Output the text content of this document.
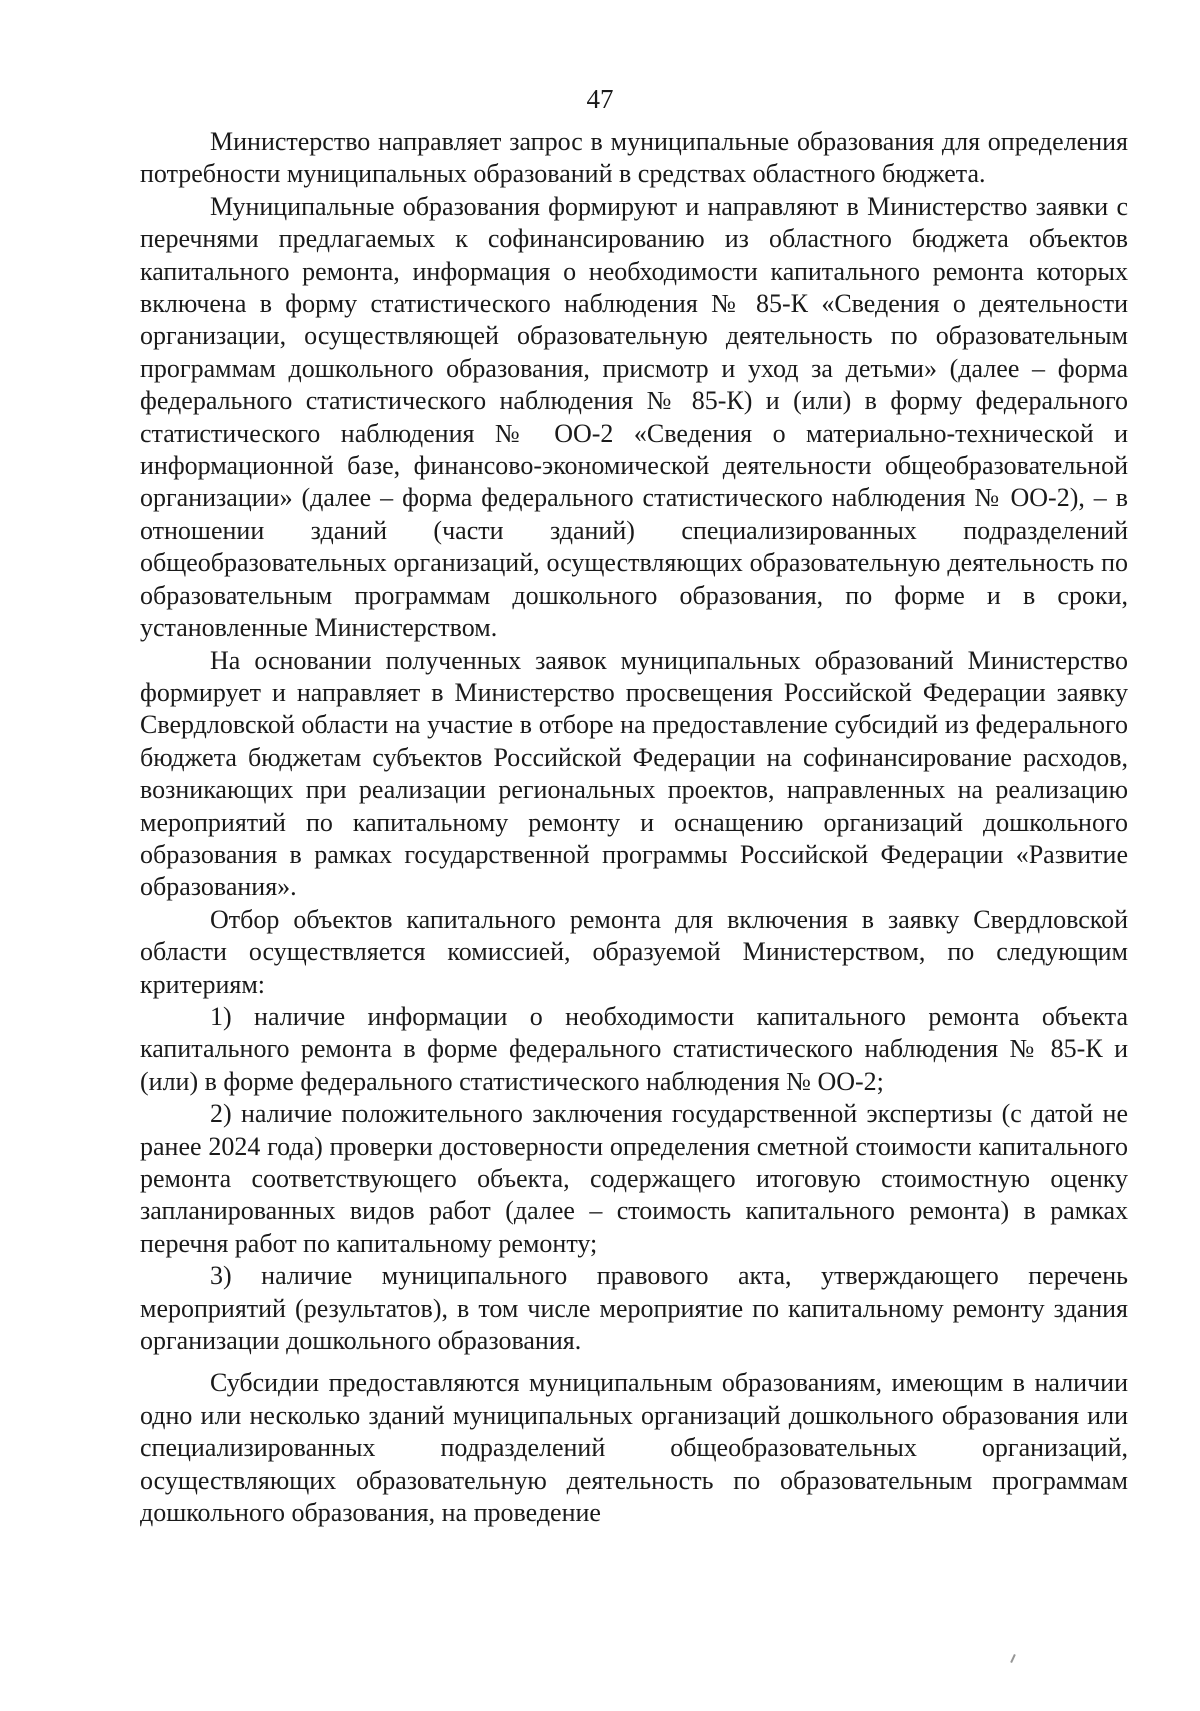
47

Министерство направляет запрос в муниципальные образования для определения потребности муниципальных образований в средствах областного бюджета.

Муниципальные образования формируют и направляют в Министерство заявки с перечнями предлагаемых к софинансированию из областного бюджета объектов капитального ремонта, информация о необходимости капитального ремонта которых включена в форму статистического наблюдения № 85-К «Сведения о деятельности организации, осуществляющей образовательную деятельность по образовательным программам дошкольного образования, присмотр и уход за детьми» (далее – форма федерального статистического наблюдения № 85-К) и (или) в форму федерального статистического наблюдения № ОО-2 «Сведения о материально-технической и информационной базе, финансово-экономической деятельности общеобразовательной организации» (далее – форма федерального статистического наблюдения № ОО-2), – в отношении зданий (части зданий) специализированных подразделений общеобразовательных организаций, осуществляющих образовательную деятельность по образовательным программам дошкольного образования, по форме и в сроки, установленные Министерством.

На основании полученных заявок муниципальных образований Министерство формирует и направляет в Министерство просвещения Российской Федерации заявку Свердловской области на участие в отборе на предоставление субсидий из федерального бюджета бюджетам субъектов Российской Федерации на софинансирование расходов, возникающих при реализации региональных проектов, направленных на реализацию мероприятий по капитальному ремонту и оснащению организаций дошкольного образования в рамках государственной программы Российской Федерации «Развитие образования».

Отбор объектов капитального ремонта для включения в заявку Свердловской области осуществляется комиссией, образуемой Министерством, по следующим критериям:

1) наличие информации о необходимости капитального ремонта объекта капитального ремонта в форме федерального статистического наблюдения № 85-К и (или) в форме федерального статистического наблюдения № ОО-2;

2) наличие положительного заключения государственной экспертизы (с датой не ранее 2024 года) проверки достоверности определения сметной стоимости капитального ремонта соответствующего объекта, содержащего итоговую стоимостную оценку запланированных видов работ (далее – стоимость капитального ремонта) в рамках перечня работ по капитальному ремонту;

3) наличие муниципального правового акта, утверждающего перечень мероприятий (результатов), в том числе мероприятие по капитальному ремонту здания организации дошкольного образования.

Субсидии предоставляются муниципальным образованиям, имеющим в наличии одно или несколько зданий муниципальных организаций дошкольного образования или специализированных подразделений общеобразовательных организаций, осуществляющих образовательную деятельность по образовательным программам дошкольного образования, на проведение
